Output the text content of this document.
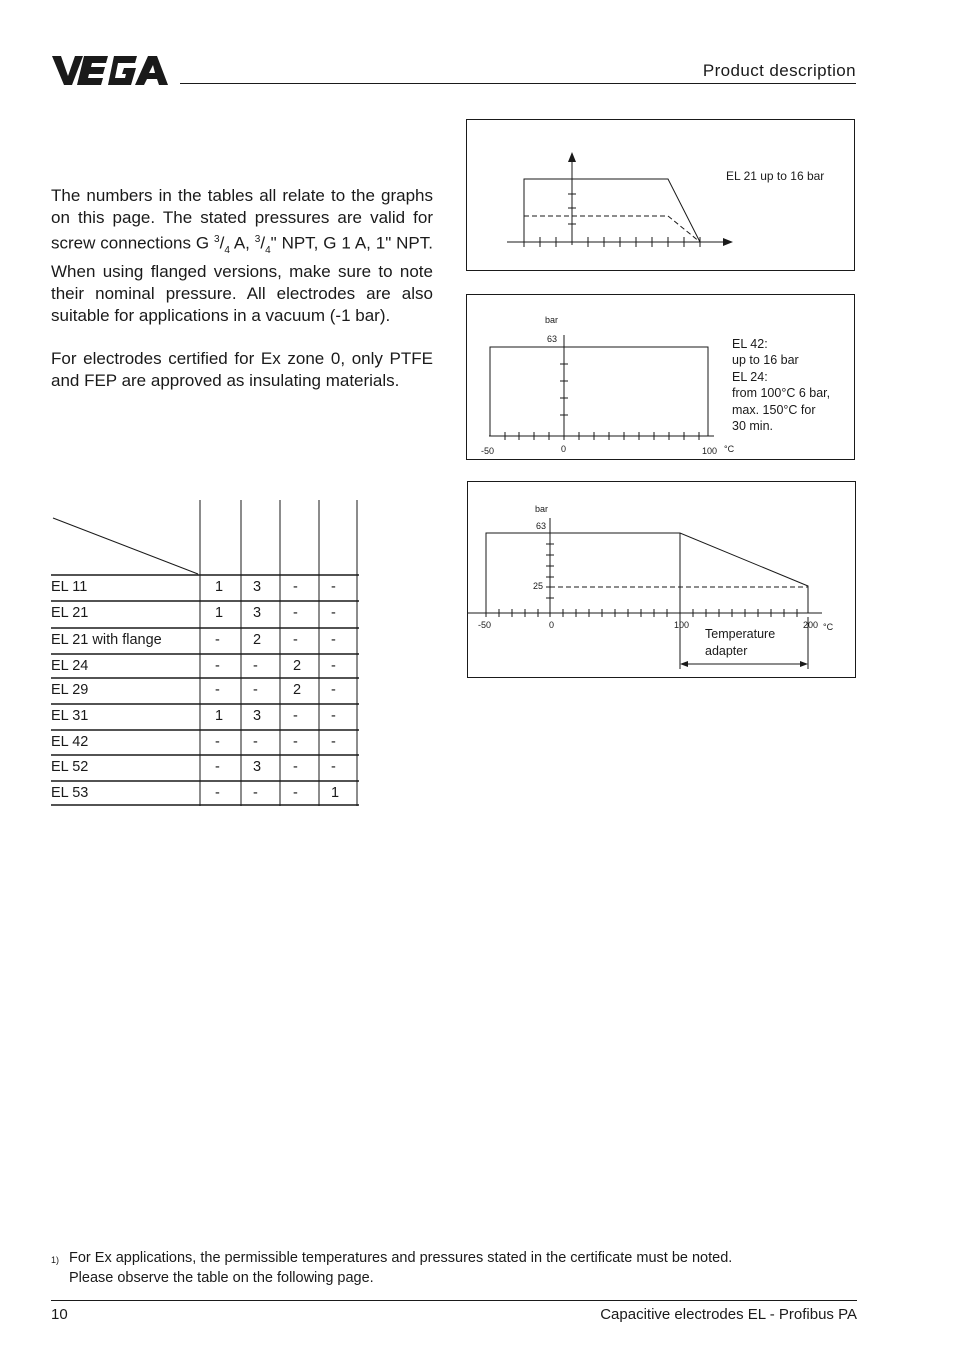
Product description

The numbers in the tables all relate to the graphs on this page. The stated pressures are valid for screw connections G $^3/_4$ A, $^3/_4$" NPT, G 1 A, 1" NPT. When using flanged versions, make sure to note their nominal pressure. All electrodes are also suitable for applications in a vacuum (-1 bar).

For electrodes certified for Ex zone 0, only PTFE and FEP are approved as insulating materials.

EL 21 up to 16 bar
bar
63
-50	0	100 °C
EL 42:
up to 16 bar
EL 24:
from 100°C 6 bar,
max. 150°C for
30 min.
bar
63
25
-50	0	100	200 °C
Temperature
adapter
EL 11	1	3	-	-
EL 21	1	3	-	-
EL 21 with flange	-	2	-	-
EL 24	-	-	2	-
EL 29	-	-	2	-
EL 31	1	3	-	-
EL 42	-	-	-	-
EL 52	-	3	-	-
EL 53	-	-	-	1
1) For Ex applications, the permissible temperatures and pressures stated in the certificate must be noted.
Please observe the table on the following page.
10	Capacitive electrodes EL - Profibus PA
